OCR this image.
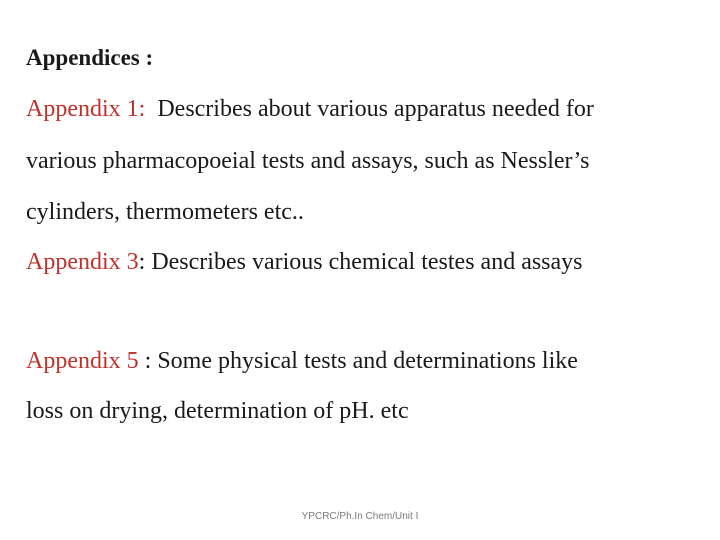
Appendices :
Appendix 1: Describes about various apparatus needed for
various pharmacopoeial tests and assays, such as Nessler’s
cylinders, thermometers etc..
Appendix 3: Describes various chemical testes and assays
Appendix 5 : Some physical tests and determinations like
loss on drying, determination of pH. etc
YPCRC/Ph.In Chem/Unit I
